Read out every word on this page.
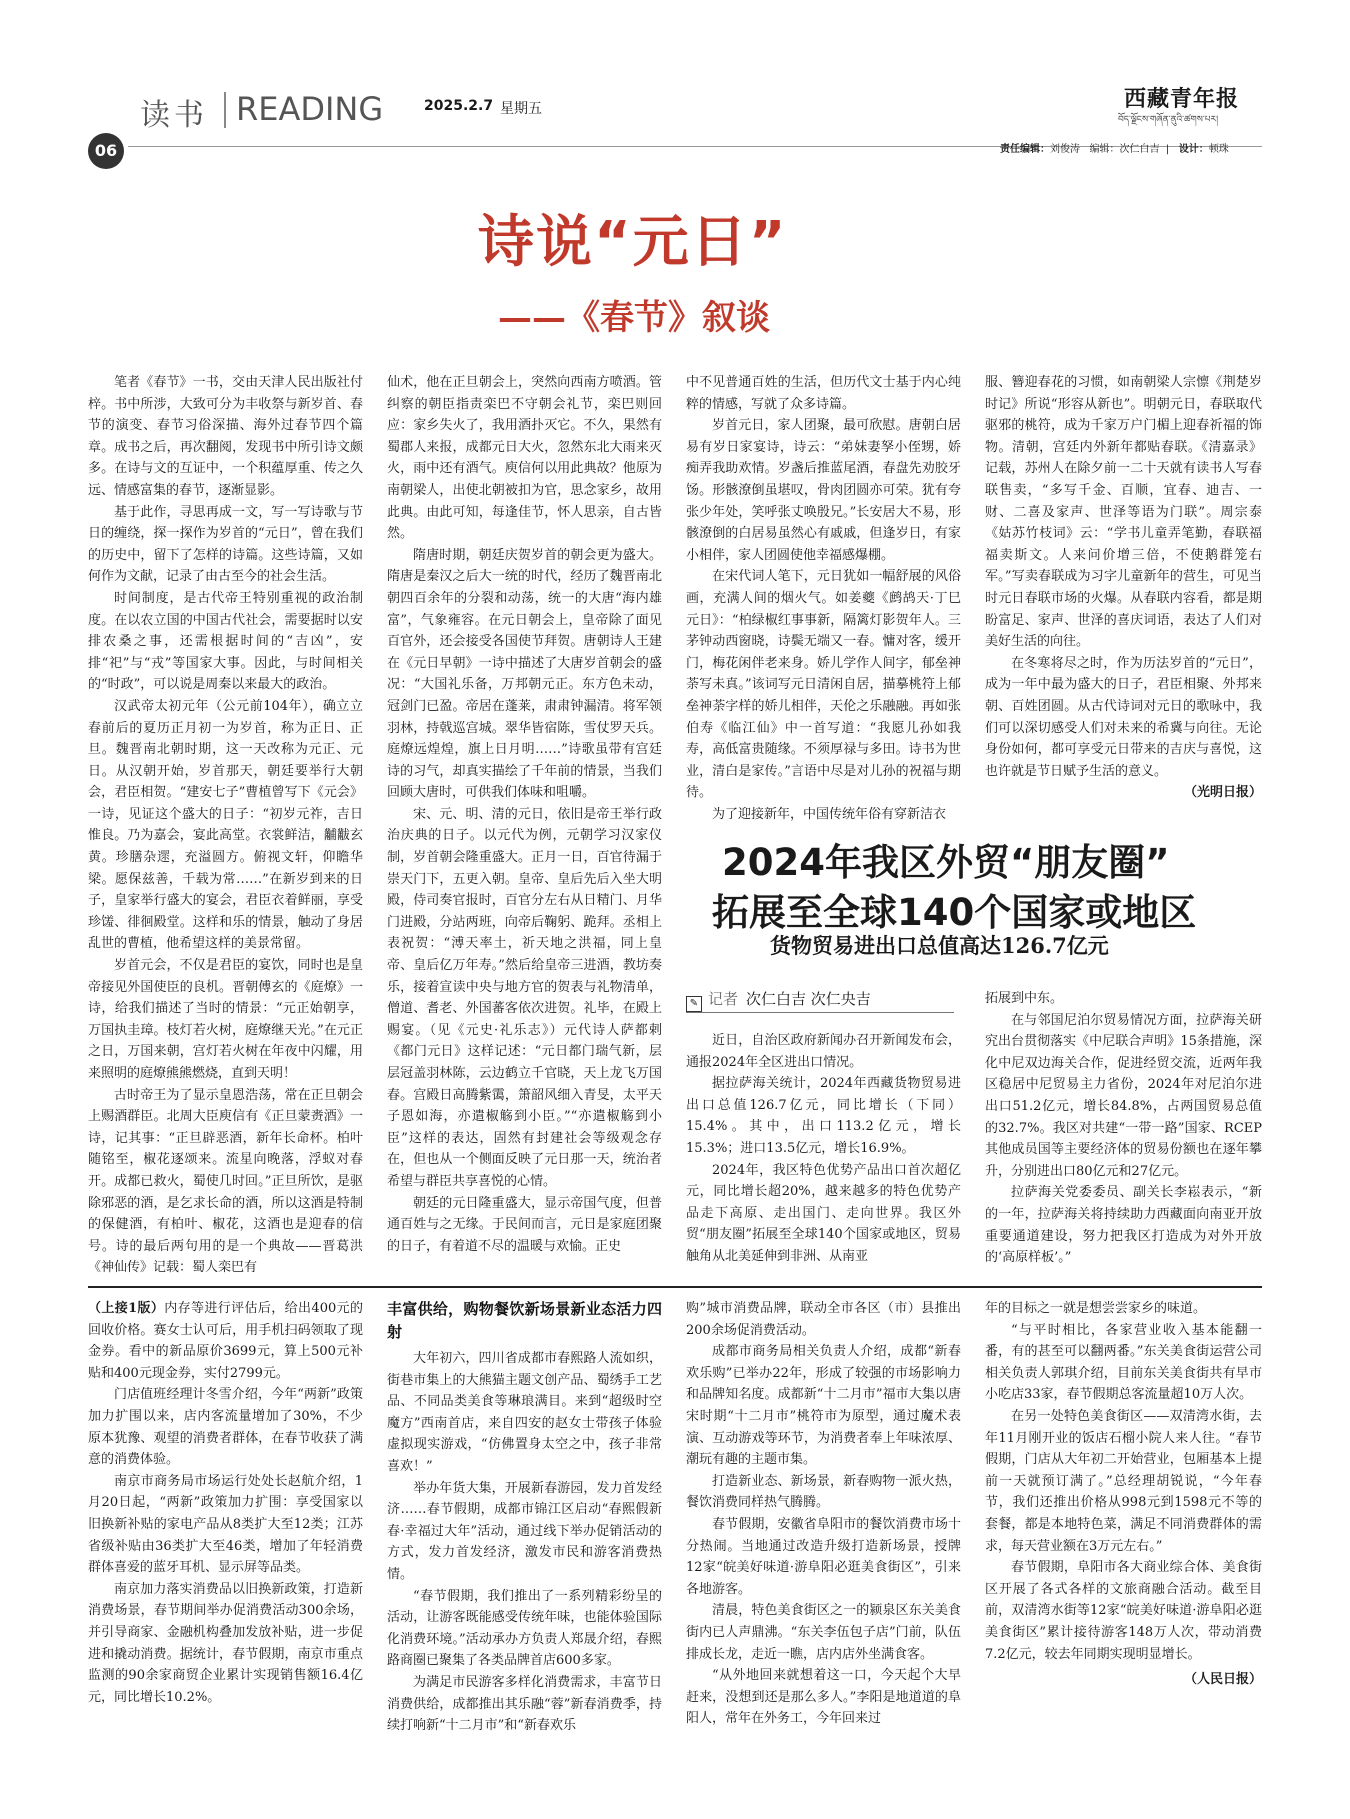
读书 READING
06
2025.2.7 星期五	西藏青年报
བོད་ལྗོངས་གཞོན་ནུའི་ཚགས་པར།
责任编辑：刘俊涛 编辑：次仁白吉  |   设计：顿珠
诗说“元日”
——《春节》叙谈

笔者《春节》一书，交由天津人民出版社付梓。书中所涉，大致可分为丰收祭与新岁首、春节的演变、春节习俗深描、海外过春节四个篇章。成书之后，再次翻阅，发现书中所引诗文颇多。在诗与文的互证中，一个积蕴厚重、传之久远、情感富集的春节，逐渐显影。

基于此作，寻思再成一文，写一写诗歌与节日的缠绕，探一探作为岁首的“元日”，曾在我们的历史中，留下了怎样的诗篇。这些诗篇，又如何作为文献，记录了由古至今的社会生活。

时间制度，是古代帝王特别重视的政治制度。在以农立国的中国古代社会，需要据时以安排农桑之事，还需根据时间的“吉凶”，安排“祀”与“戎”等国家大事。因此，与时间相关的“时政”，可以说是周秦以来最大的政治。

汉武帝太初元年（公元前104年），确立立春前后的夏历正月初一为岁首，称为正日、正旦。魏晋南北朝时期，这一天改称为元正、元日。从汉朝开始，岁首那天，朝廷要举行大朝会，君臣相贺。“建安七子”曹植曾写下《元会》一诗，见证这个盛大的日子：“初岁元祚，吉日惟良。乃为嘉会，宴此高堂。衣裳鲜洁，黼黻玄黄。珍膳杂遝，充溢圆方。俯视文轩，仰瞻华梁。愿保兹善，千载为常……”在新岁到来的日子，皇家举行盛大的宴会，君臣衣着鲜丽，享受珍馐、徘徊殿堂。这样和乐的情景，触动了身居乱世的曹植，他希望这样的美景常留。

岁首元会，不仅是君臣的宴饮，同时也是皇帝接见外国使臣的良机。晋朝傅玄的《庭燎》一诗，给我们描述了当时的情景：“元正始朝享，万国执圭璋。枝灯若火树，庭燎继天光。”在元正之日，万国来朝，宫灯若火树在年夜中闪耀，用来照明的庭燎熊熊燃烧，直到天明！

古时帝王为了显示皇恩浩荡，常在正旦朝会上赐酒群臣。北周大臣庾信有《正旦蒙赉酒》一诗，记其事：“正旦辟恶酒，新年长命杯。柏叶随铭至，椒花逐颂来。流星向晚落，浮蚁对春开。成都已救火，蜀使几时回。”正旦所饮，是驱除邪恶的酒，是乞求长命的酒，所以这酒是特制的保健酒，有柏叶、椒花，这酒也是迎春的信号。诗的最后两句用的是一个典故——晋葛洪《神仙传》记载：蜀人栾巴有

仙术，他在正旦朝会上，突然向西南方喷酒。管纠察的朝臣指责栾巴不守朝会礼节，栾巴则回应：家乡失火了，我用酒扑灭它。不久，果然有蜀郡人来报，成都元日大火，忽然东北大雨来灭火，雨中还有酒气。庾信何以用此典故？他原为南朝梁人，出使北朝被扣为官，思念家乡，故用此典。由此可知，每逢佳节，怀人思亲，自古皆然。

隋唐时期，朝廷庆贺岁首的朝会更为盛大。隋唐是秦汉之后大一统的时代，经历了魏晋南北朝四百余年的分裂和动荡，统一的大唐“海内雄富”，气象雍容。在元日朝会上，皇帝除了面见百官外，还会接受各国使节拜贺。唐朝诗人王建在《元日早朝》一诗中描述了大唐岁首朝会的盛况：“大国礼乐备，万邦朝元正。东方色未动，冠剑门已盈。帝居在蓬莱，肃肃钟漏清。将军领羽林，持戟巡宫城。翠华皆宿陈，雪仗罗天兵。庭燎远煌煌，旗上日月明……”诗歌虽带有宫廷诗的习气，却真实描绘了千年前的情景，当我们回顾大唐时，可供我们体味和咀嚼。

宋、元、明、清的元日，依旧是帝王举行政治庆典的日子。以元代为例，元朝学习汉家仪制，岁首朝会隆重盛大。正月一日，百官待漏于崇天门下，五更入朝。皇帝、皇后先后入坐大明殿，侍司奏官报时，百官分左右从日精门、月华门进殿，分站两班，向帝后鞠躬、跪拜。丞相上表祝贺：“溥天率土，祈天地之洪福，同上皇帝、皇后亿万年寿。”然后给皇帝三进酒，教坊奏乐，接着宣读中央与地方官的贺表与礼物清单，僧道、耆老、外国蕃客依次进贺。礼毕，在殿上赐宴。（见《元史·礼乐志》）元代诗人萨都剌《都门元日》这样记述：“元日都门瑞气新，层层冠盖羽林陈，云边鹤立千官晓，天上龙飞万国春。宫殿日高腾紫霭，箫韶风细入青旻，太平天子恩如海，亦遣椒觞到小臣。”“亦遣椒觞到小臣”这样的表达，固然有封建社会等级观念存在，但也从一个侧面反映了元日那一天，统治者希望与群臣共享喜悦的心情。

朝廷的元日隆重盛大，显示帝国气度，但普通百姓与之无缘。于民间而言，元日是家庭团聚的日子，有着道不尽的温暖与欢愉。正史

中不见普通百姓的生活，但历代文士基于内心纯粹的情感，写就了众多诗篇。

岁首元日，家人团聚，最可欣慰。唐朝白居易有岁日家宴诗，诗云：“弟妹妻孥小侄甥，娇痴弄我助欢情。岁盏后推蓝尾酒，春盘先劝胶牙饧。形骸潦倒虽堪叹，骨肉团圆亦可荣。犹有夸张少年处，笑呼张丈唤殷兄。”长安居大不易，形骸潦倒的白居易虽然心有戚戚，但逢岁日，有家小相伴，家人团圆使他幸福感爆棚。

在宋代词人笔下，元日犹如一幅舒展的风俗画，充满人间的烟火气。如姜夔《鹧鸪天·丁巳元日》：“柏绿椒红事事新，隔篱灯影贺年人。三茅钟动西窗晓，诗鬓无端又一春。慵对客，缓开门，梅花闲伴老来身。娇儿学作人间字，郁垒神荼写未真。”该词写元日清闲自居，描摹桃符上郁垒神荼字样的娇儿相伴，天伦之乐融融。再如张伯寿《临江仙》中一首写道：“我愿儿孙如我寿，高低富贵随缘。不须厚禄与多田。诗书为世业，清白是家传。”言语中尽是对儿孙的祝福与期待。

为了迎接新年，中国传统年俗有穿新洁衣

服、簪迎春花的习惯，如南朝梁人宗懔《荆楚岁时记》所说“形容从新也”。明朝元日，春联取代驱邪的桃符，成为千家万户门楣上迎春祈福的饰物。清朝，宫廷内外新年都贴春联。《清嘉录》记载，苏州人在除夕前一二十天就有读书人写春联售卖，“多写千金、百顺，宜春、迪吉、一财、二喜及家声、世泽等语为门联”。周宗泰《姑苏竹枝词》云：“学书儿童弄笔勤，春联福福卖斯文。人来问价增三倍，不使鹅群笼右军。”写卖春联成为习字儿童新年的营生，可见当时元日春联市场的火爆。从春联内容看，都是期盼富足、家声、世泽的喜庆词语，表达了人们对美好生活的向往。

在冬寒将尽之时，作为历法岁首的“元日”，成为一年中最为盛大的日子，君臣相聚、外邦来朝、百姓团圆。从古代诗词对元日的歌咏中，我们可以深切感受人们对未来的希冀与向往。无论身份如何，都可享受元日带来的吉庆与喜悦，这也许就是节日赋予生活的意义。

（光明日报）
2024年我区外贸“朋友圈”
拓展至全球140个国家或地区
货物贸易进出口总值高达126.7亿元
✎ 记者 次仁白吉 次仁央吉

近日，自治区政府新闻办召开新闻发布会，通报2024年全区进出口情况。

据拉萨海关统计，2024年西藏货物贸易进出口总值126.7亿元，同比增长（下同）15.4%。其中，出口113.2亿元，增长15.3%；进口13.5亿元，增长16.9%。

2024年，我区特色优势产品出口首次超亿元，同比增长超20%，越来越多的特色优势产品走下高原、走出国门、走向世界。我区外贸“朋友圈”拓展至全球140个国家或地区，贸易触角从北美延伸到非洲、从南亚

拓展到中东。

在与邻国尼泊尔贸易情况方面，拉萨海关研究出台贯彻落实《中尼联合声明》15条措施，深化中尼双边海关合作，促进经贸交流，近两年我区稳居中尼贸易主力省份，2024年对尼泊尔进出口51.2亿元，增长84.8%，占两国贸易总值的32.7%。我区对共建“一带一路”国家、RCEP其他成员国等主要经济体的贸易份额也在逐年攀升，分别进出口80亿元和27亿元。

拉萨海关党委委员、副关长李崧表示，“新的一年，拉萨海关将持续助力西藏面向南亚开放重要通道建设，努力把我区打造成为对外开放的‘高原样板’。”

（上接1版）内存等进行评估后，给出400元的回收价格。赛女士认可后，用手机扫码领取了现金券。看中的新品原价3699元，算上500元补贴和400元现金券，实付2799元。

门店值班经理计冬雪介绍，今年“两新”政策加力扩围以来，店内客流量增加了30%，不少原本犹豫、观望的消费者群体，在春节收获了满意的消费体验。

南京市商务局市场运行处处长赵航介绍，1月20日起，“两新”政策加力扩围：享受国家以旧换新补贴的家电产品从8类扩大至12类；江苏省级补贴由36类扩大至46类，增加了年轻消费群体喜爱的蓝牙耳机、显示屏等品类。

南京加力落实消费品以旧换新政策，打造新消费场景，春节期间举办促消费活动300余场，并引导商家、金融机构叠加发放补贴，进一步促进和撬动消费。据统计，春节假期，南京市重点监测的90余家商贸企业累计实现销售额16.4亿元，同比增长10.2%。

丰富供给，购物餐饮新场景新业态活力四射

大年初六，四川省成都市春熙路人流如织，街巷市集上的大熊猫主题文创产品、蜀绣手工艺品、不同品类美食等琳琅满目。来到“超级时空魔方”西南首店，来自四安的赵女士带孩子体验虚拟现实游戏，“仿佛置身太空之中，孩子非常喜欢！”

举办年货大集，开展新春游园，发力首发经济……春节假期，成都市锦江区启动“春熙假新春·幸福过大年”活动，通过线下举办促销活动的方式，发力首发经济，激发市民和游客消费热情。

“春节假期，我们推出了一系列精彩纷呈的活动，让游客既能感受传统年味，也能体验国际化消费环境。”活动承办方负责人郑晟介绍，春熙路商圈已聚集了各类品牌首店600多家。

为满足市民游客多样化消费需求，丰富节日消费供给，成都推出其乐融“蓉”新春消费季，持续打响新“十二月市”和“新春欢乐

购”城市消费品牌，联动全市各区（市）县推出200余场促消费活动。

成都市商务局相关负责人介绍，成都“新春欢乐购”已举办22年，形成了较强的市场影响力和品牌知名度。成都新“十二月市”福市大集以唐宋时期“十二月市”桃符市为原型，通过魔术表演、互动游戏等环节，为消费者奉上年味浓厚、潮玩有趣的主题市集。

打造新业态、新场景，新春购物一派火热，餐饮消费同样热气腾腾。

春节假期，安徽省阜阳市的餐饮消费市场十分热闹。当地通过改造升级打造新场景，授牌12家“皖美好味道·游阜阳必逛美食街区”，引来各地游客。

清晨，特色美食街区之一的颍泉区东关美食街内已人声鼎沸。“东关李伍包子店”门前，队伍排成长龙，走近一瞧，店内店外坐满食客。

“从外地回来就想着这一口，今天起个大早赶来，没想到还是那么多人。”李阳是地道道的阜阳人，常年在外务工，今年回来过

年的目标之一就是想尝尝家乡的味道。

“与平时相比，各家营业收入基本能翻一番，有的甚至可以翻两番。”东关美食街运营公司相关负责人郭琪介绍，目前东关美食街共有早市小吃店33家，春节假期总客流量超10万人次。

在另一处特色美食街区——双清湾水街，去年11月刚开业的饭店石榴小院人来人往。“春节假期，门店从大年初二开始营业，包厢基本上提前一天就预订满了。”总经理胡锐说，“今年春节，我们还推出价格从998元到1598元不等的套餐，都是本地特色菜，满足不同消费群体的需求，每天营业额在3万元左右。”

春节假期，阜阳市各大商业综合体、美食街区开展了各式各样的文旅商融合活动。截至目前，双清湾水街等12家“皖美好味道·游阜阳必逛美食街区”累计接待游客148万人次，带动消费7.2亿元，较去年同期实现明显增长。

（人民日报）
